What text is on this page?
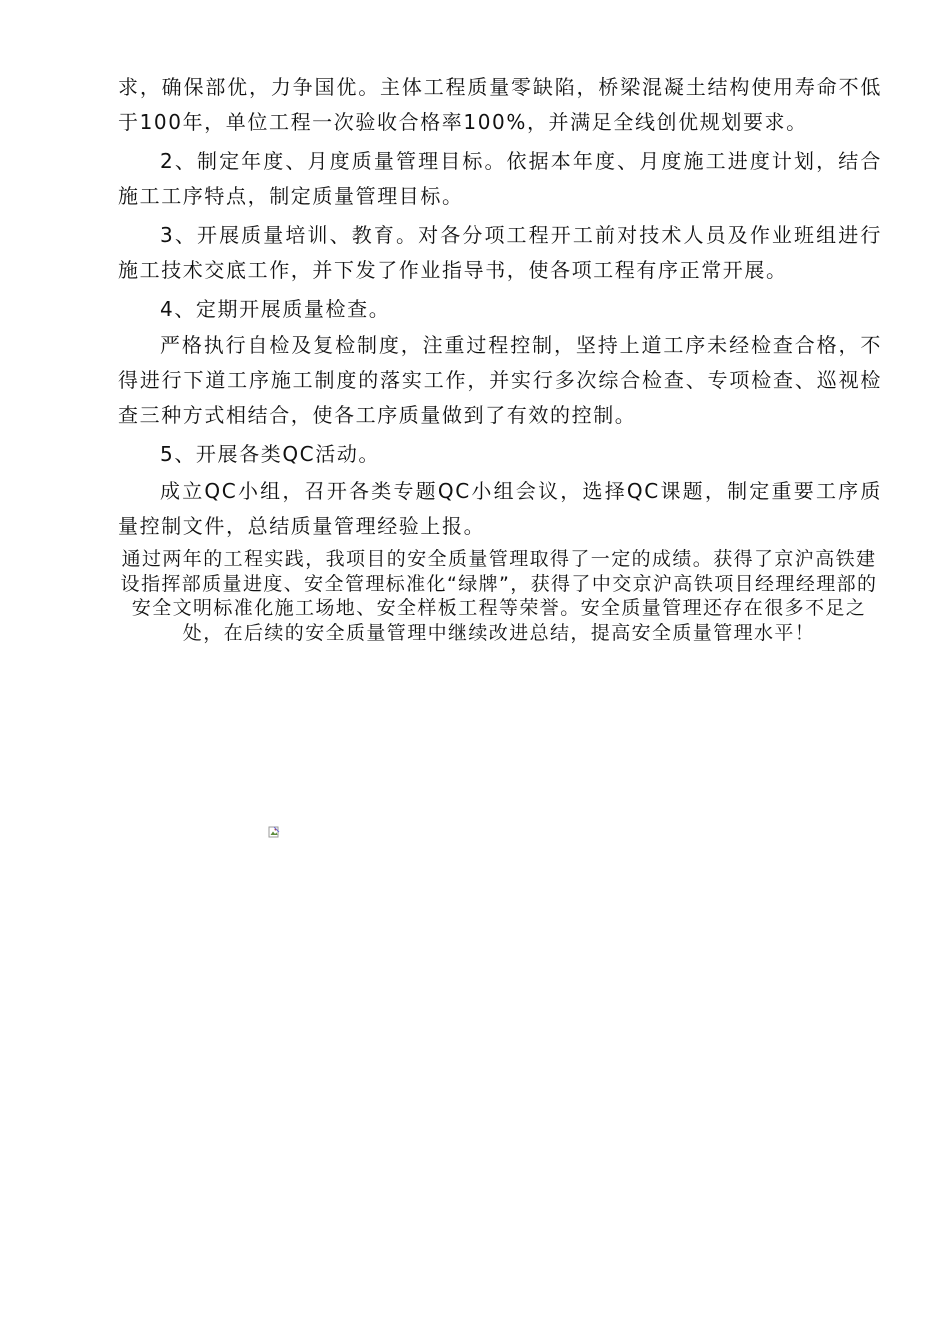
求，确保部优，力争国优。主体工程质量零缺陷，桥梁混凝土结构使用寿命不低于100年，单位工程一次验收合格率100%，并满足全线创优规划要求。

2、制定年度、月度质量管理目标。依据本年度、月度施工进度计划，结合施工工序特点，制定质量管理目标。

3、开展质量培训、教育。对各分项工程开工前对技术人员及作业班组进行施工技术交底工作，并下发了作业指导书，使各项工程有序正常开展。

4、定期开展质量检查。

严格执行自检及复检制度，注重过程控制，坚持上道工序未经检查合格，不得进行下道工序施工制度的落实工作，并实行多次综合检查、专项检查、巡视检查三种方式相结合，使各工序质量做到了有效的控制。

5、开展各类QC活动。

成立QC小组，召开各类专题QC小组会议，选择QC课题，制定重要工序质量控制文件，总结质量管理经验上报。

通过两年的工程实践，我项目的安全质量管理取得了一定的成绩。获得了京沪高铁建设指挥部质量进度、安全管理标准化“绿牌”，获得了中交京沪高铁项目经理经理部的安全文明标准化施工场地、安全样板工程等荣誉。安全质量管理还存在很多不足之处，在后续的安全质量管理中继续改进总结，提高安全质量管理水平！
